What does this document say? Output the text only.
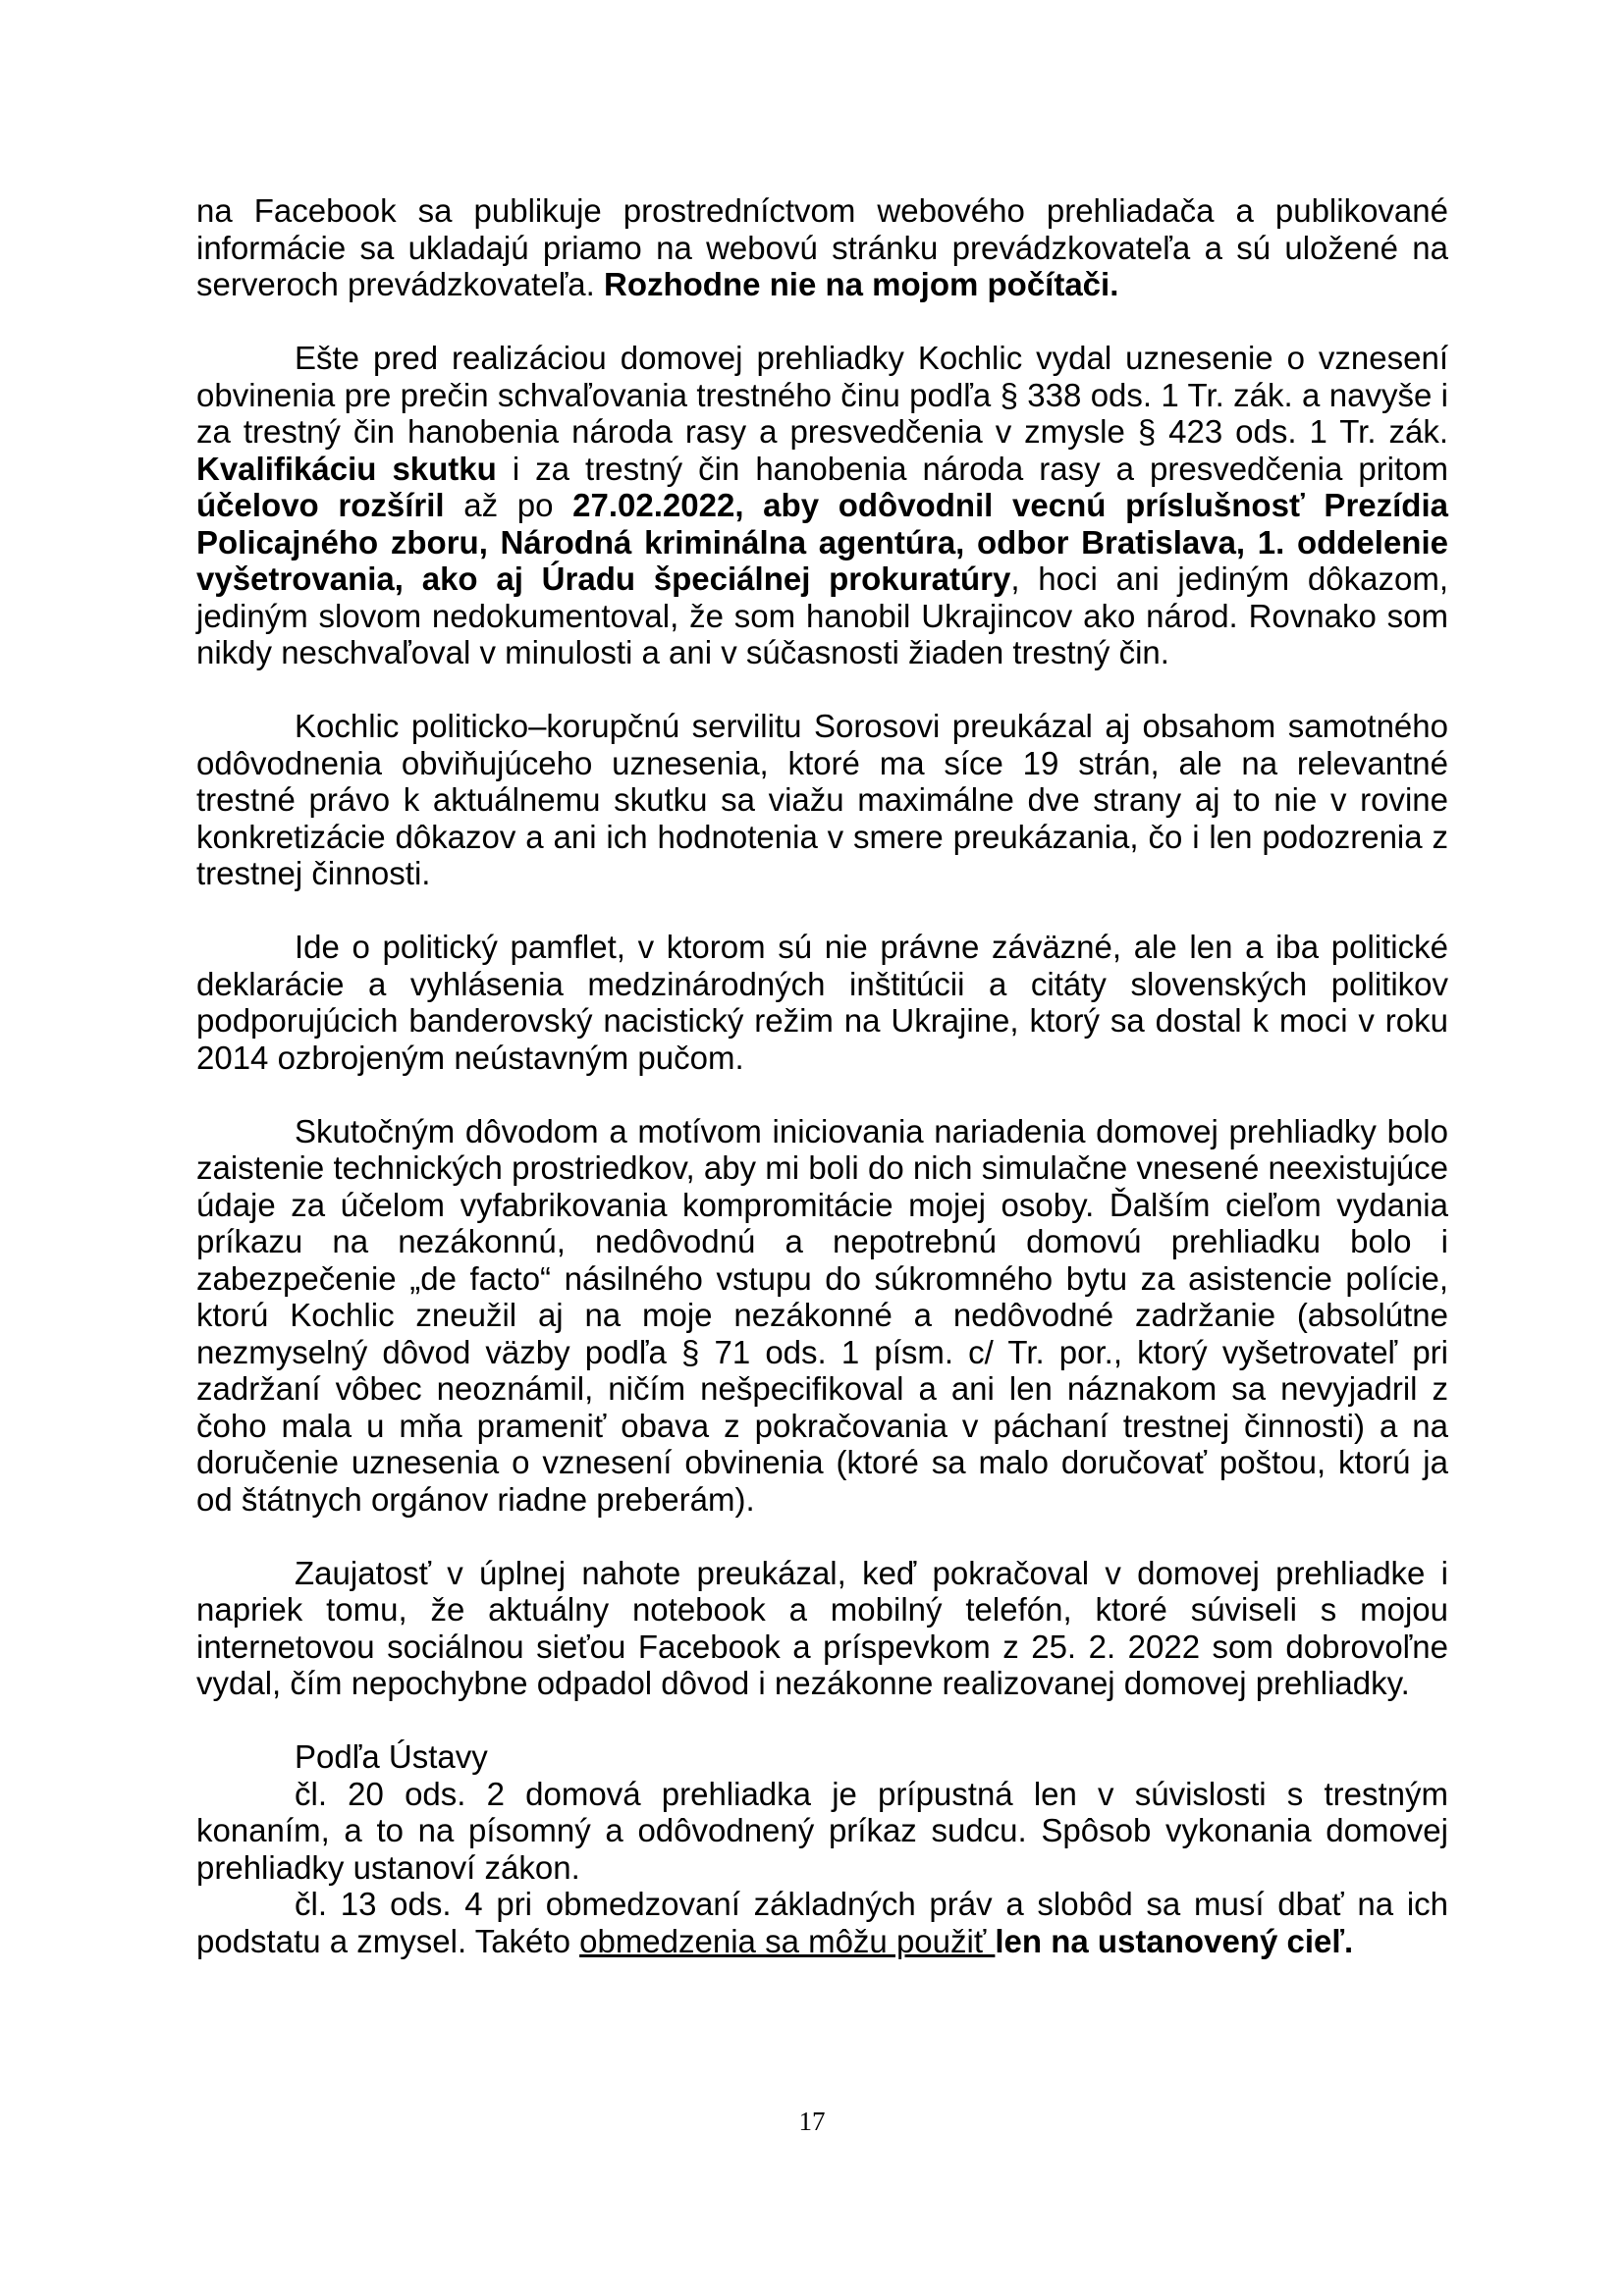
na Facebook sa publikuje prostredníctvom webového prehliadača a publikované informácie sa ukladajú priamo na webovú stránku prevádzkovateľa a sú uložené na serveroch prevádzkovateľa. Rozhodne nie na mojom počítači.

Ešte pred realizáciou domovej prehliadky Kochlic vydal uznesenie o vznesení obvinenia pre prečin schvaľovania trestného činu podľa § 338 ods. 1 Tr. zák. a navyše i za trestný čin hanobenia národa rasy a presvedčenia v zmysle § 423 ods. 1 Tr. zák. Kvalifikáciu skutku i za trestný čin hanobenia národa rasy a presvedčenia pritom účelovo rozšíril až po 27.02.2022, aby odôvodnil vecnú príslušnosť Prezídia Policajného zboru, Národná kriminálna agentúra, odbor Bratislava, 1. oddelenie vyšetrovania, ako aj Úradu špeciálnej prokuratúry, hoci ani jediným dôkazom, jediným slovom nedokumentoval, že som hanobil Ukrajincov ako národ. Rovnako som nikdy neschvaľoval v minulosti a ani v súčasnosti žiaden trestný čin.

Kochlic politicko–korupčnú servilitu Sorosovi preukázal aj obsahom samotného odôvodnenia obviňujúceho uznesenia, ktoré ma síce 19 strán, ale na relevantné trestné právo k aktuálnemu skutku sa viažu maximálne dve strany aj to nie v rovine konkretizácie dôkazov a ani ich hodnotenia v smere preukázania, čo i len podozrenia z trestnej činnosti.

Ide o politický pamflet, v ktorom sú nie právne záväzné, ale len a iba politické deklarácie a vyhlásenia medzinárodných inštitúcii a citáty slovenských politikov podporujúcich banderovský nacistický režim na Ukrajine, ktorý sa dostal k moci v roku 2014 ozbrojeným neústavným pučom.

Skutočným dôvodom a motívom iniciovania nariadenia domovej prehliadky bolo zaistenie technických prostriedkov, aby mi boli do nich simulačne vnesené neexistujúce údaje za účelom vyfabrikovania kompromitácie mojej osoby. Ďalším cieľom vydania príkazu na nezákonnú, nedôvodnú a nepotrebnú domovú prehliadku bolo i zabezpečenie „de facto“ násilného vstupu do súkromného bytu za asistencie polície, ktorú Kochlic zneužil aj na moje nezákonné a nedôvodné zadržanie (absolútne nezmyselný dôvod väzby podľa § 71 ods. 1 písm. c/ Tr. por., ktorý vyšetrovateľ pri zadržaní vôbec neoznámil, ničím nešpecifikoval a ani len náznakom sa nevyjadril z čoho mala u mňa prameniť obava z pokračovania v páchaní trestnej činnosti) a na doručenie uznesenia o vznesení obvinenia (ktoré sa malo doručovať poštou, ktorú ja od štátnych orgánov riadne preberám).

Zaujatosť v úplnej nahote preukázal, keď pokračoval v domovej prehliadke i napriek tomu, že aktuálny notebook a mobilný telefón, ktoré súviseli s mojou internetovou sociálnou sieťou Facebook a príspevkom z 25. 2. 2022 som dobrovoľne vydal, čím nepochybne odpadol dôvod i nezákonne realizovanej domovej prehliadky.

Podľa Ústavy

čl. 20 ods. 2 domová prehliadka je prípustná len v súvislosti s trestným konaním, a to na písomný a odôvodnený príkaz sudcu. Spôsob vykonania domovej prehliadky ustanoví zákon.

čl. 13 ods. 4 pri obmedzovaní základných práv a slobôd sa musí dbať na ich podstatu a zmysel. Takéto obmedzenia sa môžu použiť len na ustanovený cieľ.

17
